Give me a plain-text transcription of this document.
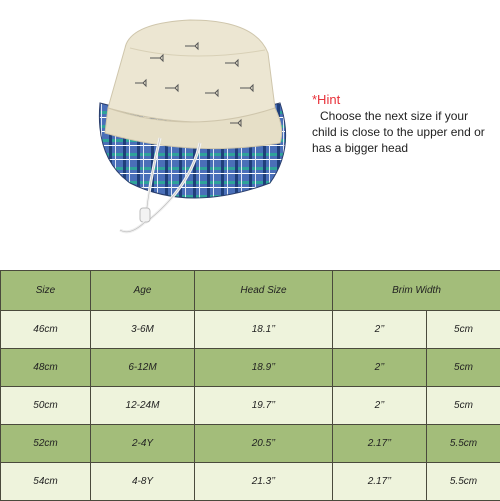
*Hint
Choose the next size if your child is close to the upper end or has a bigger head
Size	Age	Head Size	Brim Width	
46cm	3-6M	18.1’’	2’’	5cm
48cm	6-12M	18.9’’	2’’	5cm
50cm	12-24M	19.7’’	2’’	5cm
52cm	2-4Y	20.5’’	2.17’’	5.5cm
54cm	4-8Y	21.3’’	2.17’’	5.5cm
